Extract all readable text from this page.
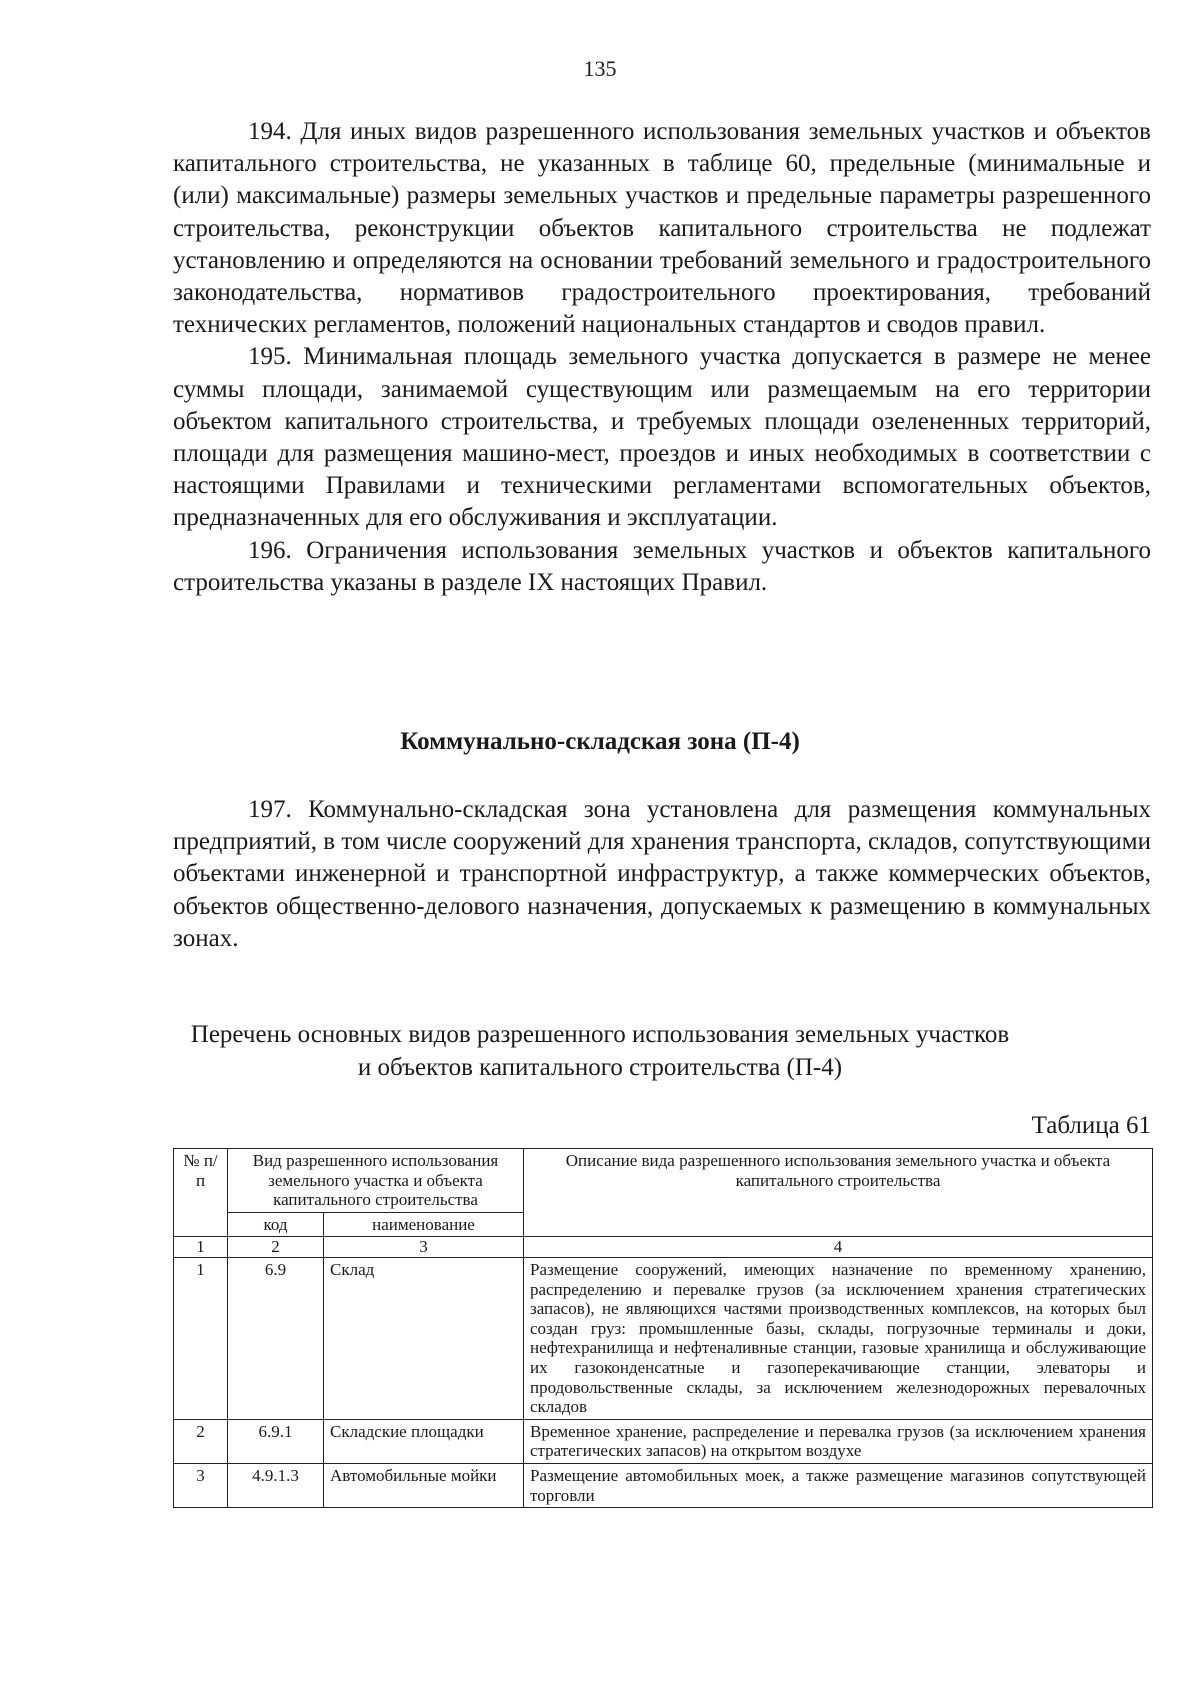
135

194. Для иных видов разрешенного использования земельных участков и объектов капитального строительства, не указанных в таблице 60, предельные (минимальные и (или) максимальные) размеры земельных участков и предельные параметры разрешенного строительства, реконструкции объектов капитального строительства не подлежат установлению и определяются на основании требований земельного и градостроительного законодательства, нормативов градостроительного проектирования, требований технических регламентов, положений национальных стандартов и сводов правил.

195. Минимальная площадь земельного участка допускается в размере не менее суммы площади, занимаемой существующим или размещаемым на его территории объектом капитального строительства, и требуемых площади озелененных территорий, площади для размещения машино-мест, проездов и иных необходимых в соответствии с настоящими Правилами и техническими регламентами вспомогательных объектов, предназначенных для его обслуживания и эксплуатации.

196. Ограничения использования земельных участков и объектов капитального строительства указаны в разделе IX настоящих Правил.

Коммунально-складская зона (П-4)

197. Коммунально-складская зона установлена для размещения коммунальных предприятий, в том числе сооружений для хранения транспорта, складов, сопутствующими объектами инженерной и транспортной инфраструктур, а также коммерческих объектов, объектов общественно-делового назначения, допускаемых к размещению в коммунальных зонах.

Перечень основных видов разрешенного использования земельных участков
и объектов капитального строительства (П-4)
Таблица 61
№ п/п	Вид разрешенного использования земельного участка и объекта капитального строительства		Описание вида разрешенного использования земельного участка и объекта капитального строительства
	код	наименование	
1	2	3	4
1	6.9	Склад	Размещение сооружений, имеющих назначение по временному хранению, распределению и перевалке грузов (за исключением хранения стратегических запасов), не являющихся частями производственных комплексов, на которых был создан груз: промышленные базы, склады, погрузочные терминалы и доки, нефтехранилища и нефтеналивные станции, газовые хранилища и обслуживающие их газоконденсатные и газоперекачивающие станции, элеваторы и продовольственные склады, за исключением железнодорожных перевалочных складов
2	6.9.1	Складские площадки	Временное хранение, распределение и перевалка грузов (за исключением хранения стратегических запасов) на открытом воздухе
3	4.9.1.3	Автомобильные мойки	Размещение автомобильных моек, а также размещение магазинов сопутствующей торговли
